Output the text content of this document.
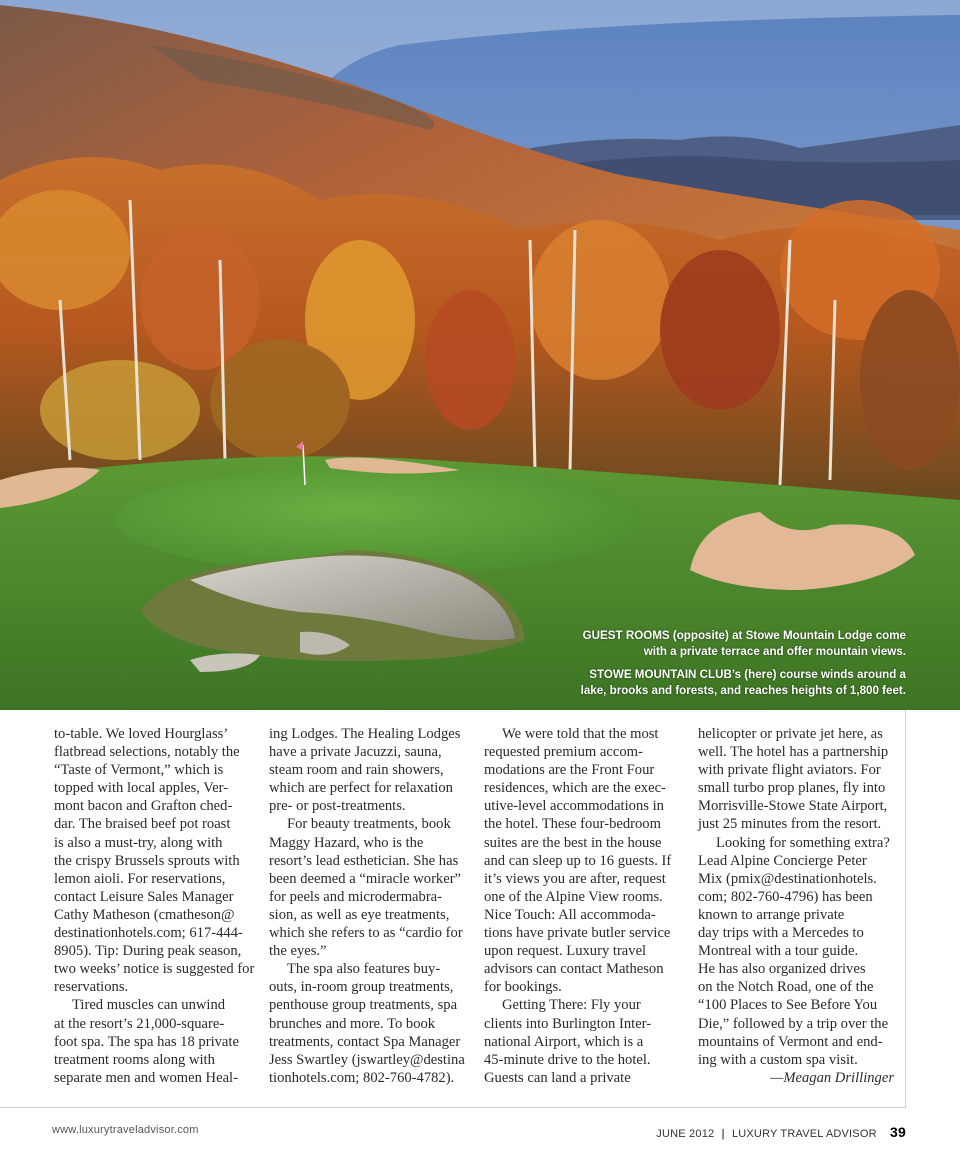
GUEST ROOMS (opposite) at Stowe Mountain Lodge come
with a private terrace and offer mountain views.
STOWE MOUNTAIN CLUB’s (here) course winds around a
lake, brooks and forests, and reaches heights of 1,800 feet.

to-table. We loved Hourglass’
flatbread selections, notably the
“Taste of Vermont,” which is
topped with local apples, Ver-
mont bacon and Grafton ched-
dar. The braised beef pot roast
is also a must-try, along with
the crispy Brussels sprouts with
lemon aioli. For reservations,
contact Leisure Sales Manager
Cathy Matheson (cmatheson@
destinationhotels.com; 617-444-
8905). Tip: During peak season,
two weeks’ notice is suggested for
reservations.

Tired muscles can unwind
at the resort’s 21,000-square-
foot spa. The spa has 18 private
treatment rooms along with
separate men and women Heal-

ing Lodges. The Healing Lodges
have a private Jacuzzi, sauna,
steam room and rain showers,
which are perfect for relaxation
pre- or post-treatments.

For beauty treatments, book
Maggy Hazard, who is the
resort’s lead esthetician. She has
been deemed a “miracle worker”
for peels and microdermabra-
sion, as well as eye treatments,
which she refers to as “cardio for
the eyes.”

The spa also features buy-
outs, in-room group treatments,
penthouse group treatments, spa
brunches and more. To book
treatments, contact Spa Manager
Jess Swartley (jswartley@destina
tionhotels.com; 802-760-4782).

We were told that the most
requested premium accom-
modations are the Front Four
residences, which are the exec-
utive-level accommodations in
the hotel. These four-bedroom
suites are the best in the house
and can sleep up to 16 guests. If
it’s views you are after, request
one of the Alpine View rooms.
Nice Touch: All accommoda-
tions have private butler service
upon request. Luxury travel
advisors can contact Matheson
for bookings.

Getting There: Fly your
clients into Burlington Inter-
national Airport, which is a
45-minute drive to the hotel.
Guests can land a private

helicopter or private jet here, as
well. The hotel has a partnership
with private flight aviators. For
small turbo prop planes, fly into
Morrisville-Stowe State Airport,
just 25 minutes from the resort.

Looking for something extra?
Lead Alpine Concierge Peter
Mix (pmix@destinationhotels.
com; 802-760-4796) has been
known to arrange private
day trips with a Mercedes to
Montreal with a tour guide.
He has also organized drives
on the Notch Road, one of the
“100 Places to See Before You
Die,” followed by a trip over the
mountains of Vermont and end-
ing with a custom spa visit.

—Meagan Drillinger
www.luxurytraveladvisor.com	JUNE 2012 | LUXURY TRAVEL ADVISOR 39
